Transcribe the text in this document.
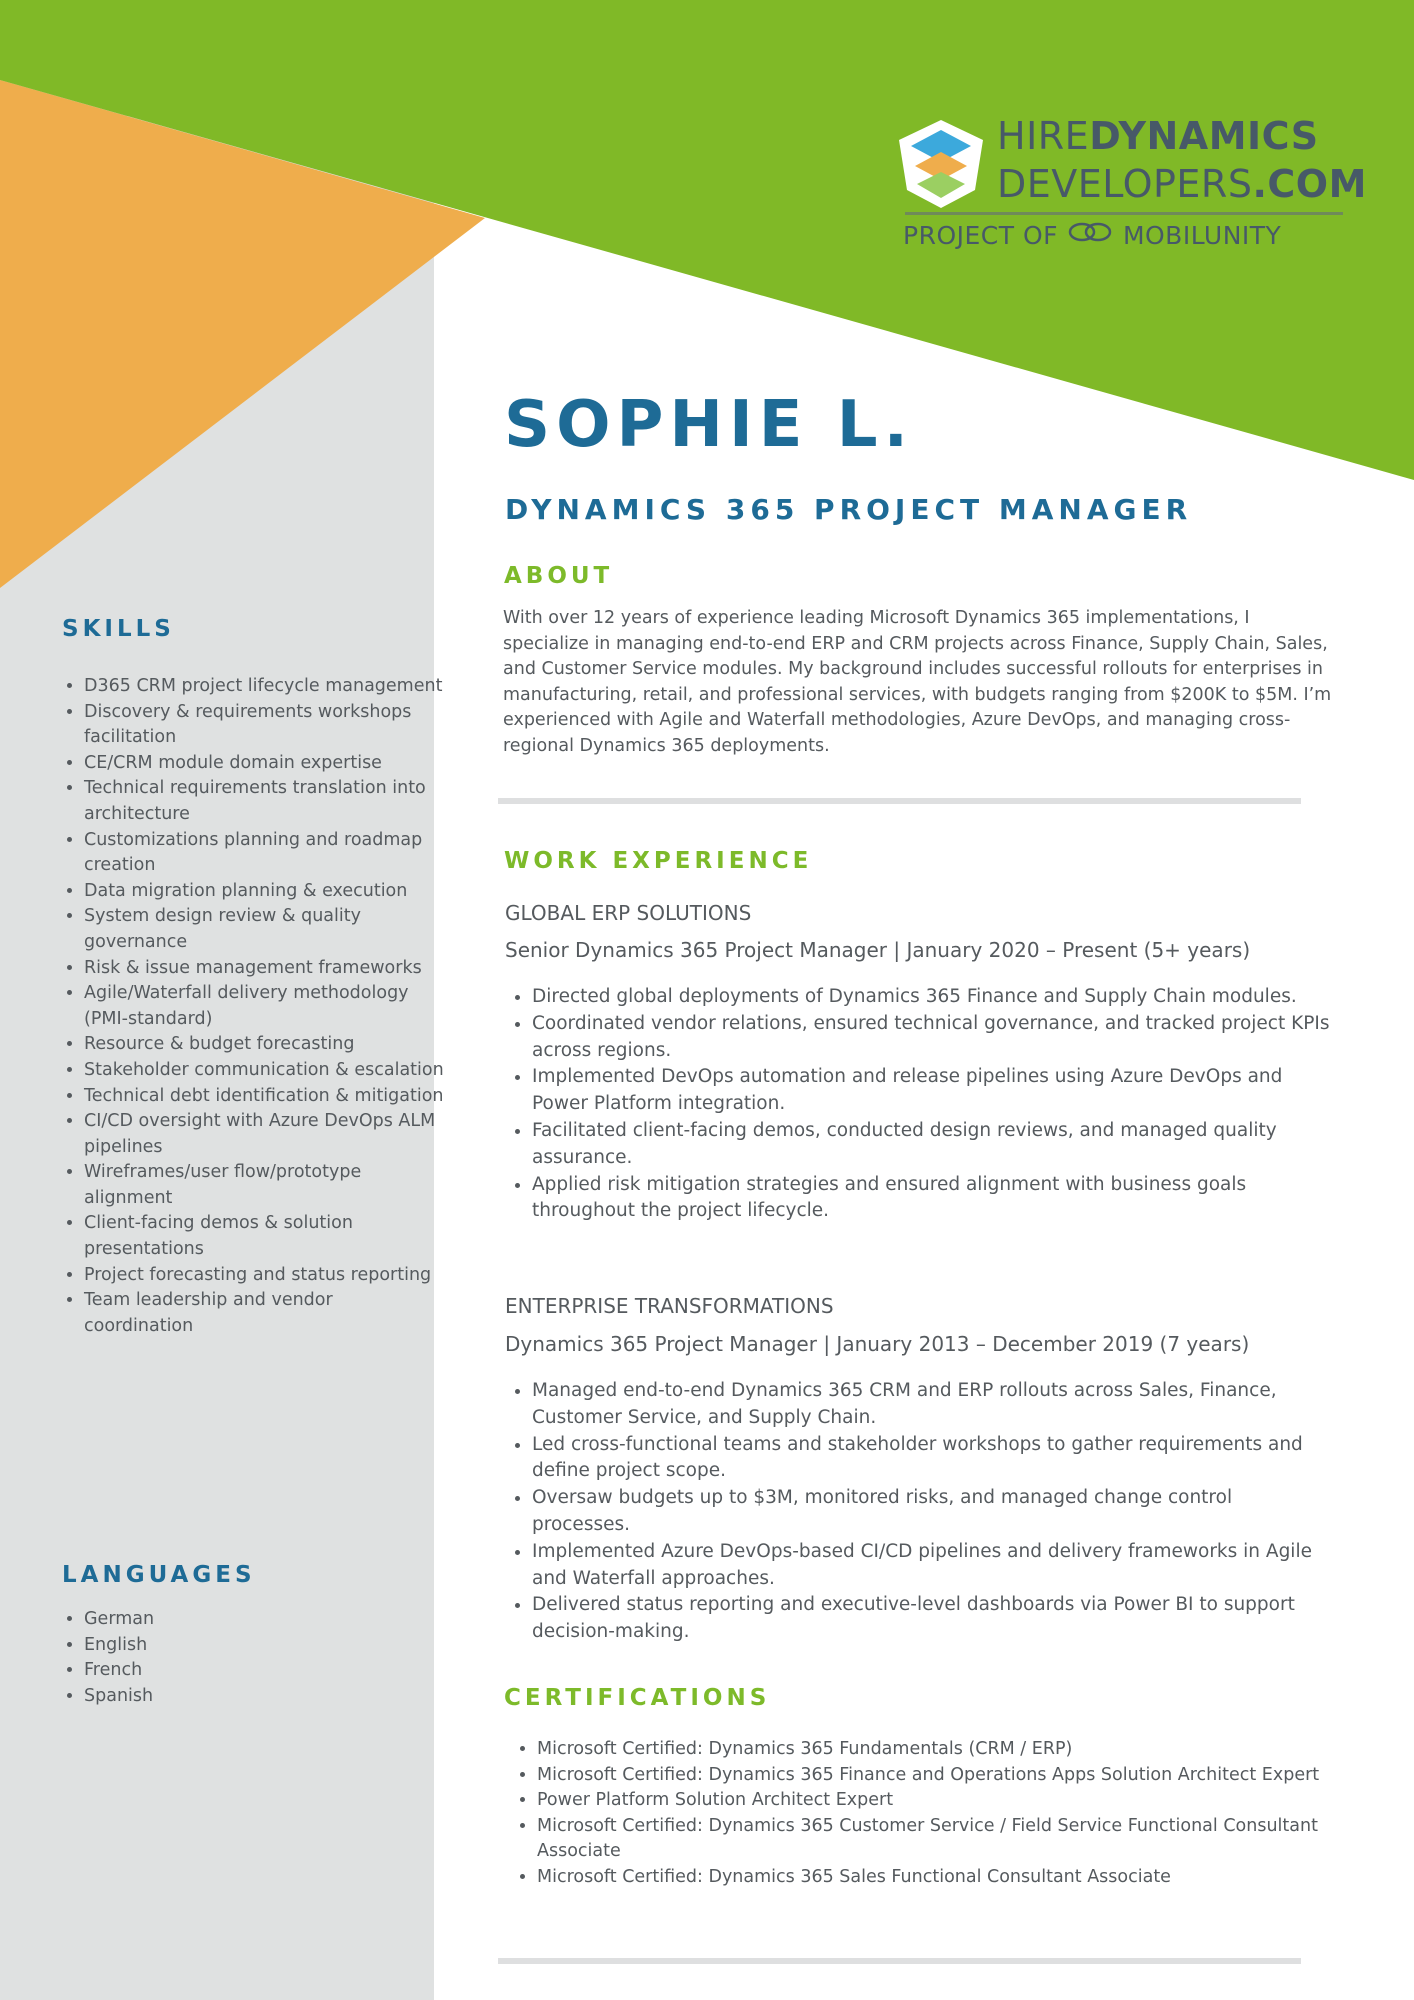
HIREDYNAMICS
DEVELOPERS.COM
PROJECT OF	MOBILUNITY
SOPHIE L.
DYNAMICS 365 PROJECT MANAGER
SKILLS
• D365 CRM project lifecycle management
• Discovery & requirements workshops facilitation
• CE/CRM module domain expertise
• Technical requirements translation into architecture
• Customizations planning and roadmap creation
• Data migration planning & execution
• System design review & quality governance
• Risk & issue management frameworks
• Agile/Waterfall delivery methodology (PMI-standard)
• Resource & budget forecasting
• Stakeholder communication & escalation
• Technical debt identification & mitigation
• CI/CD oversight with Azure DevOps ALM pipelines
• Wireframes/user flow/prototype alignment
• Client-facing demos & solution presentations
• Project forecasting and status reporting
• Team leadership and vendor coordination
LANGUAGES
• German
• English
• French
• Spanish
ABOUT

With over 12 years of experience leading Microsoft Dynamics 365 implementations, I specialize in managing end-to-end ERP and CRM projects across Finance, Supply Chain, Sales, and Customer Service modules. My background includes successful rollouts for enterprises in manufacturing, retail, and professional services, with budgets ranging from $200K to $5M. I’m experienced with Agile and Waterfall methodologies, Azure DevOps, and managing cross-regional Dynamics 365 deployments.

WORK EXPERIENCE
GLOBAL ERP SOLUTIONS
Senior Dynamics 365 Project Manager | January 2020 – Present (5+ years)
• Directed global deployments of Dynamics 365 Finance and Supply Chain modules.
• Coordinated vendor relations, ensured technical governance, and tracked project KPIs across regions.
• Implemented DevOps automation and release pipelines using Azure DevOps and Power Platform integration.
• Facilitated client-facing demos, conducted design reviews, and managed quality assurance.
• Applied risk mitigation strategies and ensured alignment with business goals throughout the project lifecycle.
ENTERPRISE TRANSFORMATIONS
Dynamics 365 Project Manager | January 2013 – December 2019 (7 years)
• Managed end-to-end Dynamics 365 CRM and ERP rollouts across Sales, Finance, Customer Service, and Supply Chain.
• Led cross-functional teams and stakeholder workshops to gather requirements and define project scope.
• Oversaw budgets up to $3M, monitored risks, and managed change control processes.
• Implemented Azure DevOps-based CI/CD pipelines and delivery frameworks in Agile and Waterfall approaches.
• Delivered status reporting and executive-level dashboards via Power BI to support decision-making.
CERTIFICATIONS
• Microsoft Certified: Dynamics 365 Fundamentals (CRM / ERP)
• Microsoft Certified: Dynamics 365 Finance and Operations Apps Solution Architect Expert
• Power Platform Solution Architect Expert
• Microsoft Certified: Dynamics 365 Customer Service / Field Service Functional Consultant Associate
• Microsoft Certified: Dynamics 365 Sales Functional Consultant Associate
